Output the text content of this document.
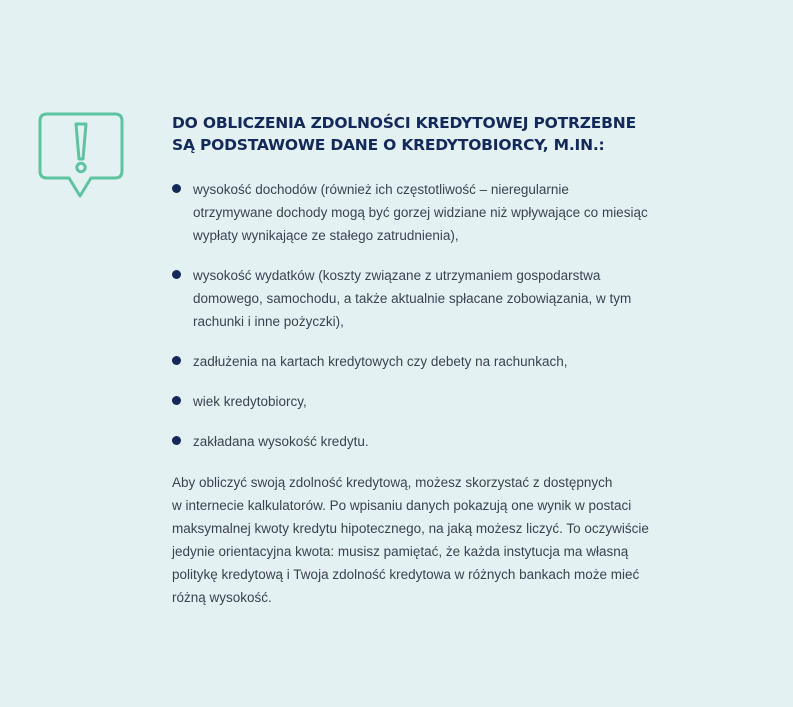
DO OBLICZENIA ZDOLNOŚCI KREDYTOWEJ POTRZEBNE
SĄ PODSTAWOWE DANE O KREDYTOBIORCY, M.IN.:
wysokość dochodów (również ich częstotliwość – nieregularnie
otrzymywane dochody mogą być gorzej widziane niż wpływające co miesiąc
wypłaty wynikające ze stałego zatrudnienia),
wysokość wydatków (koszty związane z utrzymaniem gospodarstwa
domowego, samochodu, a także aktualnie spłacane zobowiązania, w tym
rachunki i inne pożyczki),
zadłużenia na kartach kredytowych czy debety na rachunkach,
wiek kredytobiorcy,
zakładana wysokość kredytu.
Aby obliczyć swoją zdolność kredytową, możesz skorzystać z dostępnych
w internecie kalkulatorów. Po wpisaniu danych pokazują one wynik w postaci
maksymalnej kwoty kredytu hipotecznego, na jaką możesz liczyć. To oczywiście
jedynie orientacyjna kwota: musisz pamiętać, że każda instytucja ma własną
politykę kredytową i Twoja zdolność kredytowa w różnych bankach może mieć
różną wysokość.
